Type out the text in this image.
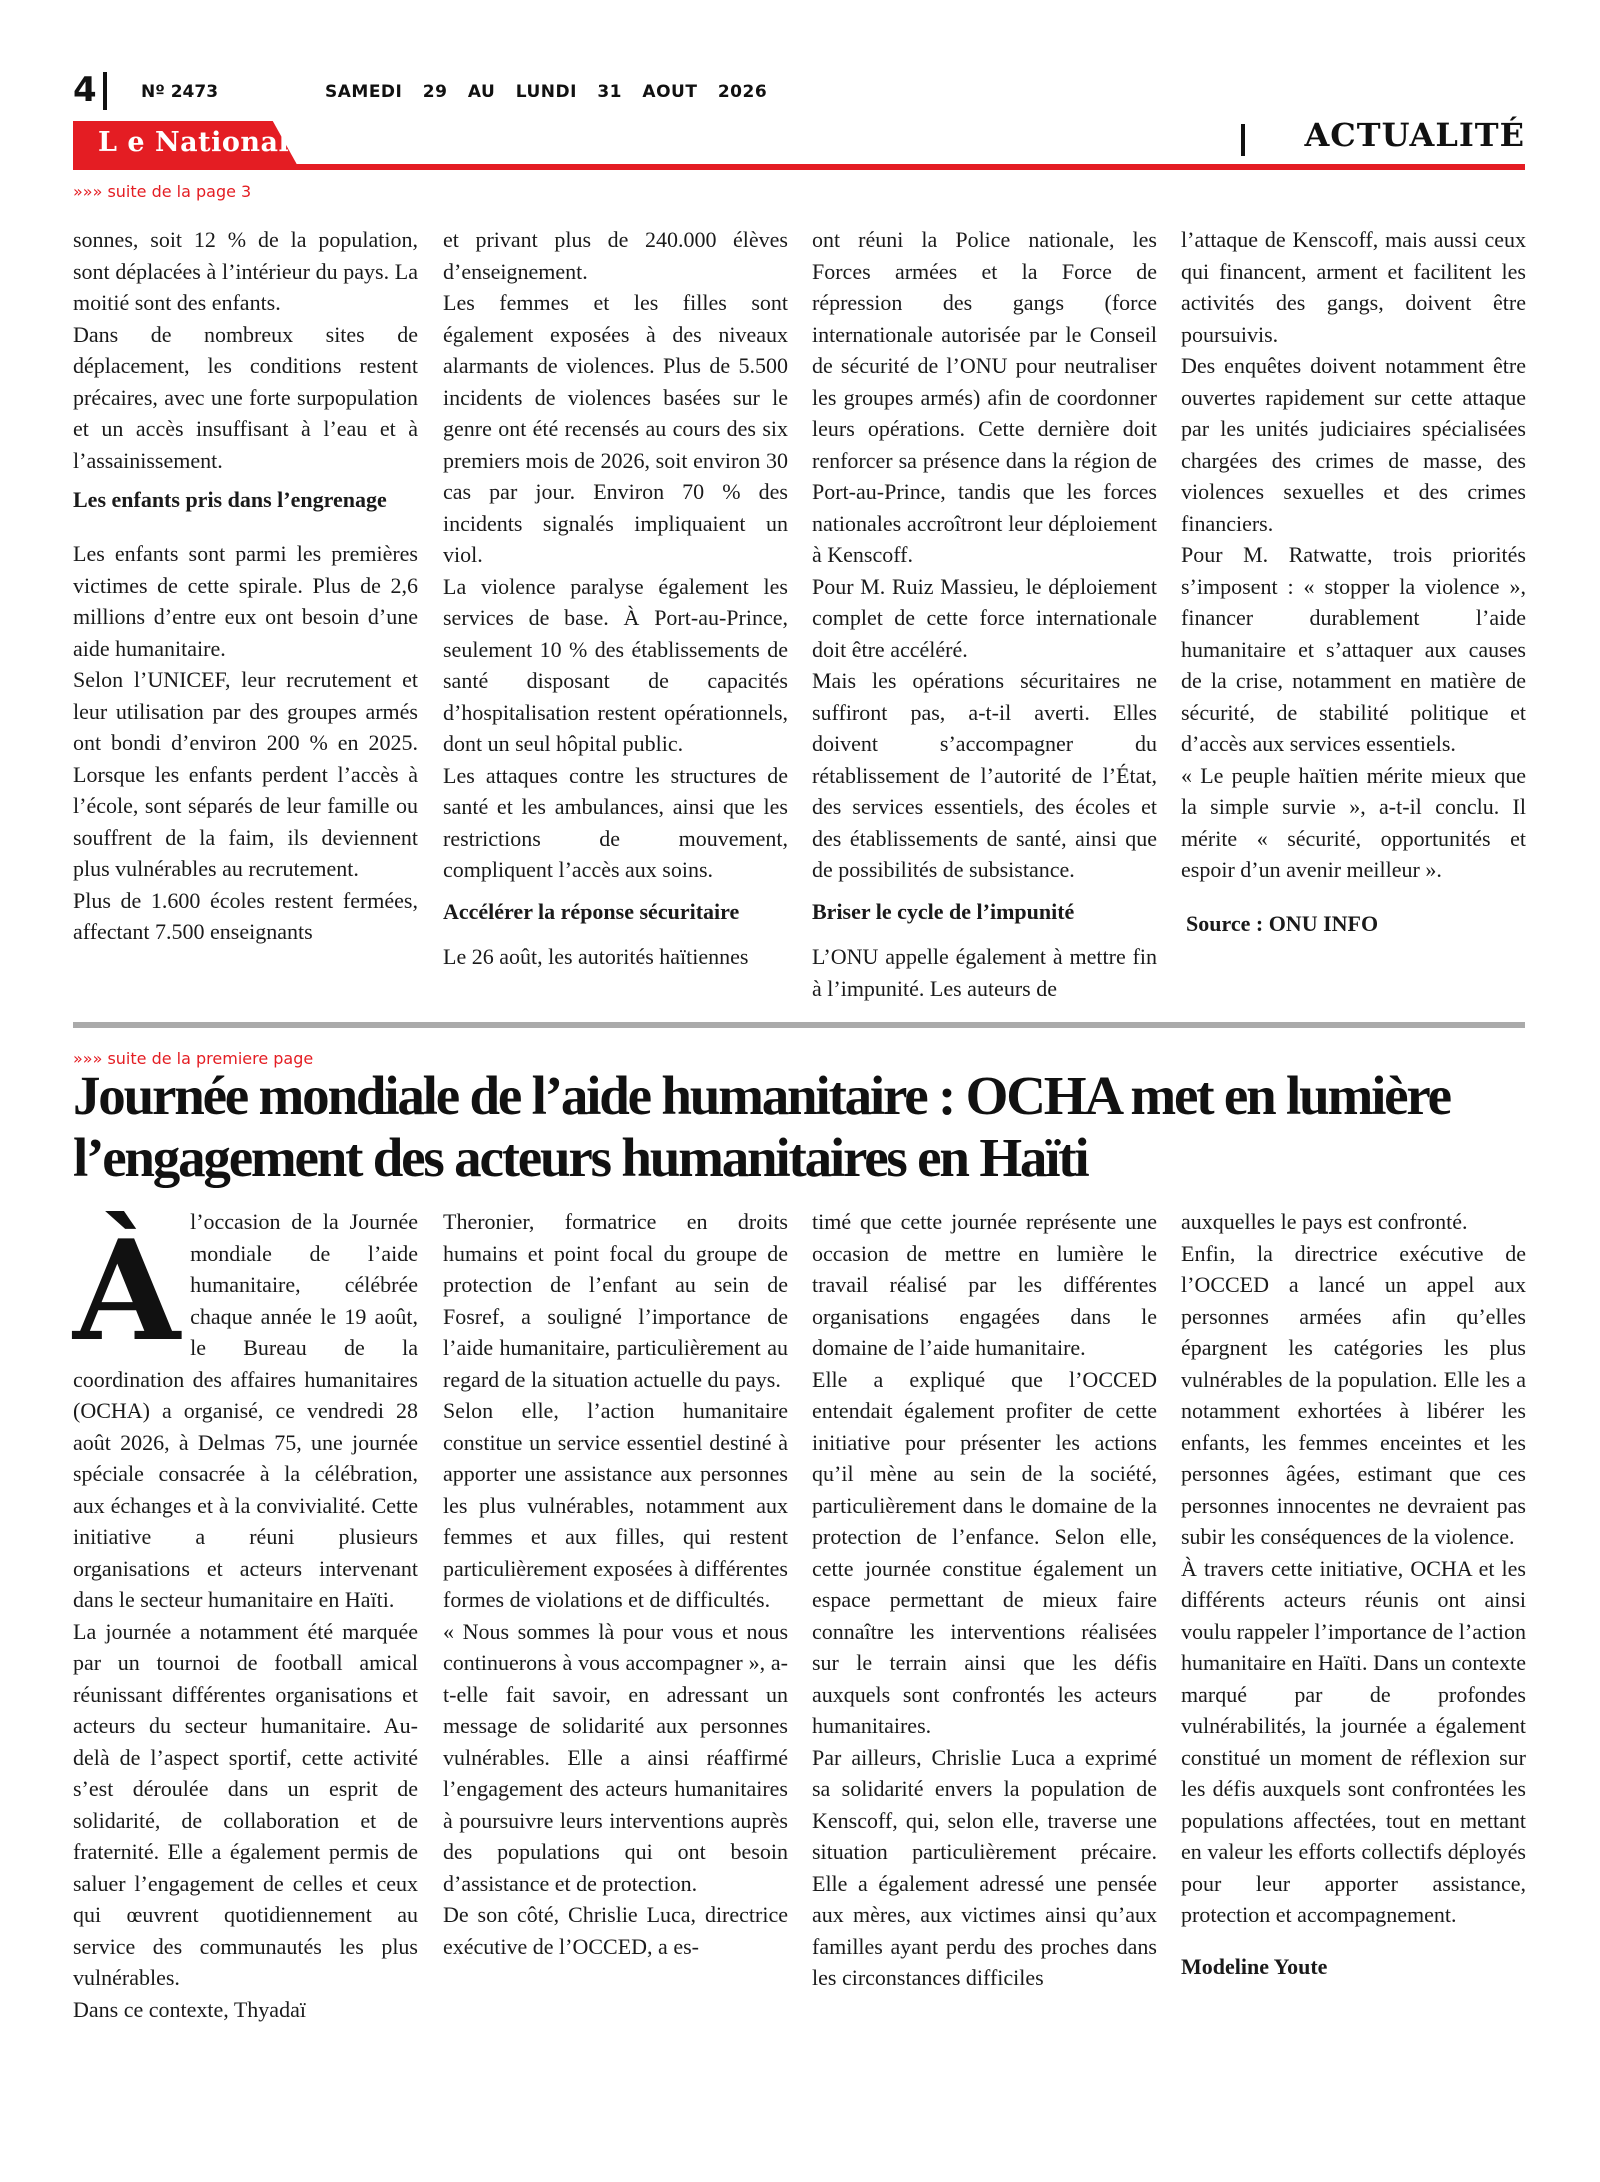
4	Nº 2473	SAMEDI 29 AU LUNDI 31 AOUT 2026
L e National	ACTUALITÉ
»»» suite de la page 3

sonnes, soit 12 % de la population, sont déplacées à l’intérieur du pays. La moitié sont des enfants.

Dans de nombreux sites de déplacement, les conditions restent précaires, avec une forte surpopulation et un accès insuffisant à l’eau et à l’assainissement.

Les enfants pris dans l’engrenage

Les enfants sont parmi les premières victimes de cette spirale. Plus de 2,6 millions d’entre eux ont besoin d’une aide humanitaire.

Selon l’UNICEF, leur recrutement et leur utilisation par des groupes armés ont bondi d’environ 200 % en 2025. Lorsque les enfants perdent l’accès à l’école, sont séparés de leur famille ou souffrent de la faim, ils deviennent plus vulnérables au recrutement.

Plus de 1.600 écoles restent fermées, affectant 7.500 enseignants

et privant plus de 240.000 élèves d’enseignement.

Les femmes et les filles sont également exposées à des niveaux alarmants de violences. Plus de 5.500 incidents de violences basées sur le genre ont été recensés au cours des six premiers mois de 2026, soit environ 30 cas par jour. Environ 70 % des incidents signalés impliquaient un viol.

La violence paralyse également les services de base. À Port-au-Prince, seulement 10 % des établissements de santé disposant de capacités d’hospitalisation restent opérationnels, dont un seul hôpital public.

Les attaques contre les structures de santé et les ambulances, ainsi que les restrictions de mouvement, compliquent l’accès aux soins.

Accélérer la réponse sécuritaire

Le 26 août, les autorités haïtiennes

ont réuni la Police nationale, les Forces armées et la Force de répression des gangs (force internationale autorisée par le Conseil de sécurité de l’ONU pour neutraliser les groupes armés) afin de coordonner leurs opérations. Cette dernière doit renforcer sa présence dans la région de Port-au-Prince, tandis que les forces nationales accroîtront leur déploiement à Kenscoff.

Pour M. Ruiz Massieu, le déploiement complet de cette force internationale doit être accéléré.

Mais les opérations sécuritaires ne suffiront pas, a-t-il averti. Elles doivent s’accompagner du rétablissement de l’autorité de l’État, des services essentiels, des écoles et des établissements de santé, ainsi que de possibilités de subsistance.

Briser le cycle de l’impunité

L’ONU appelle également à mettre fin à l’impunité. Les auteurs de

l’attaque de Kenscoff, mais aussi ceux qui financent, arment et facilitent les activités des gangs, doivent être poursuivis.

Des enquêtes doivent notamment être ouvertes rapidement sur cette attaque par les unités judiciaires spécialisées chargées des crimes de masse, des violences sexuelles et des crimes financiers.

Pour M. Ratwatte, trois priorités s’imposent : « stopper la violence », financer durablement l’aide humanitaire et s’attaquer aux causes de la crise, notamment en matière de sécurité, de stabilité politique et d’accès aux services essentiels.

« Le peuple haïtien mérite mieux que la simple survie », a-t-il conclu. Il mérite « sécurité, opportunités et espoir d’un avenir meilleur ».

Source : ONU INFO

»»» suite de la premiere page
Journée mondiale de l’aide humanitaire : OCHA met en lumière l’engagement des acteurs humanitaires en Haïti

Àl’occasion de la Journée mondiale de l’aide humanitaire, célébrée chaque année le 19 août, le Bureau de la coordination des affaires humanitaires (OCHA) a organisé, ce vendredi 28 août 2026, à Delmas 75, une journée spéciale consacrée à la célébration, aux échanges et à la convivialité. Cette initiative a réuni plusieurs organisations et acteurs intervenant dans le secteur humanitaire en Haïti.

La journée a notamment été marquée par un tournoi de football amical réunissant différentes organisations et acteurs du secteur humanitaire. Au-delà de l’aspect sportif, cette activité s’est déroulée dans un esprit de solidarité, de collaboration et de fraternité. Elle a également permis de saluer l’engagement de celles et ceux qui œuvrent quotidiennement au service des communautés les plus vulnérables.

Dans ce contexte, Thyadaï

Theronier, formatrice en droits humains et point focal du groupe de protection de l’enfant au sein de Fosref, a souligné l’importance de l’aide humanitaire, particulièrement au regard de la situation actuelle du pays.

Selon elle, l’action humanitaire constitue un service essentiel destiné à apporter une assistance aux personnes les plus vulnérables, notamment aux femmes et aux filles, qui restent particulièrement exposées à différentes formes de violations et de difficultés.

« Nous sommes là pour vous et nous continuerons à vous accompagner », a-t-elle fait savoir, en adressant un message de solidarité aux personnes vulnérables. Elle a ainsi réaffirmé l’engagement des acteurs humanitaires à poursuivre leurs interventions auprès des populations qui ont besoin d’assistance et de protection.

De son côté, Chrislie Luca, directrice exécutive de l’OCCED, a es-

timé que cette journée représente une occasion de mettre en lumière le travail réalisé par les différentes organisations engagées dans le domaine de l’aide humanitaire.

Elle a expliqué que l’OCCED entendait également profiter de cette initiative pour présenter les actions qu’il mène au sein de la société, particulièrement dans le domaine de la protection de l’enfance. Selon elle, cette journée constitue également un espace permettant de mieux faire connaître les interventions réalisées sur le terrain ainsi que les défis auxquels sont confrontés les acteurs humanitaires.

Par ailleurs, Chrislie Luca a exprimé sa solidarité envers la population de Kenscoff, qui, selon elle, traverse une situation particulièrement précaire. Elle a également adressé une pensée aux mères, aux victimes ainsi qu’aux familles ayant perdu des proches dans les circonstances difficiles

auxquelles le pays est confronté.

Enfin, la directrice exécutive de l’OCCED a lancé un appel aux personnes armées afin qu’elles épargnent les catégories les plus vulnérables de la population. Elle les a notamment exhortées à libérer les enfants, les femmes enceintes et les personnes âgées, estimant que ces personnes innocentes ne devraient pas subir les conséquences de la violence.

À travers cette initiative, OCHA et les différents acteurs réunis ont ainsi voulu rappeler l’importance de l’action humanitaire en Haïti. Dans un contexte marqué par de profondes vulnérabilités, la journée a également constitué un moment de réflexion sur les défis auxquels sont confrontées les populations affectées, tout en mettant en valeur les efforts collectifs déployés pour leur apporter assistance, protection et accompagnement.

Modeline Youte
